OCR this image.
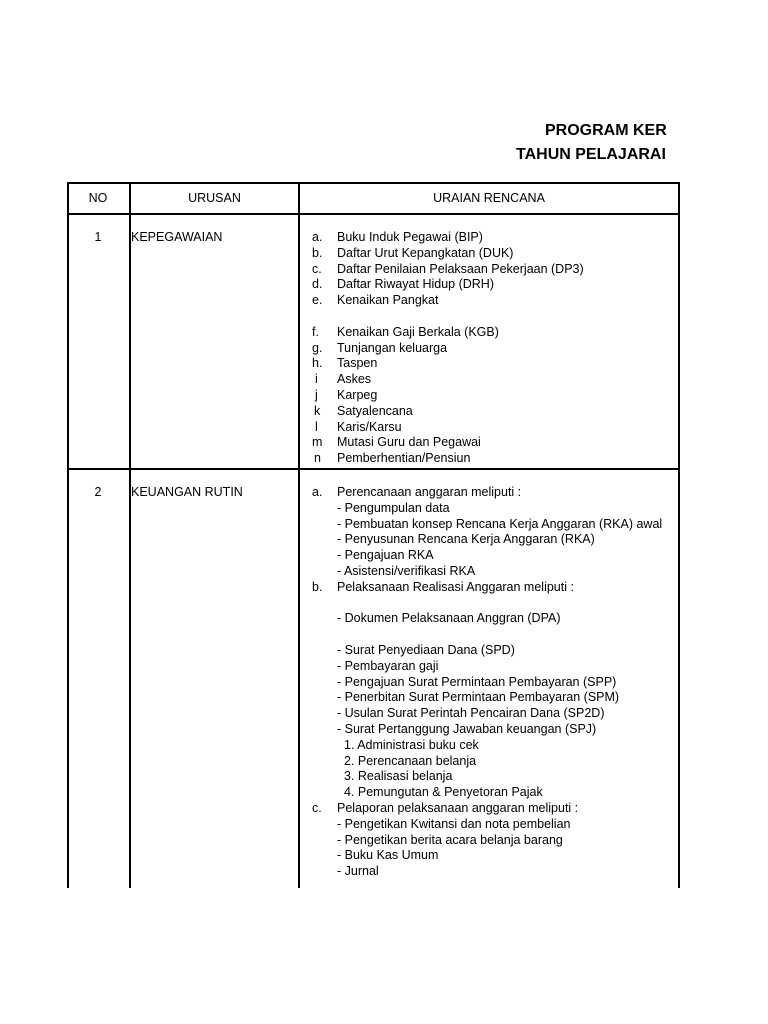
PROGRAM KER
TAHUN PELAJARAI
NO	URUSAN	URAIAN RENCANA
1	KEPEGAWAIAN	a.	Buku Induk Pegawai (BIP)
b.	Daftar Urut Kepangkatan (DUK)
c.	Daftar Penilaian Pelaksaan Pekerjaan (DP3)
d.	Daftar Riwayat Hidup (DRH)
e.	Kenaikan Pangkat
f.	Kenaikan Gaji Berkala (KGB)
g.	Tunjangan keluarga
h.	Taspen
i	Askes
j	Karpeg
k	Satyalencana
l	Karis/Karsu
m	Mutasi Guru dan Pegawai
n	Pemberhentian/Pensiun
2	KEUANGAN RUTIN	a.	Perencanaan anggaran meliputi :
- Pengumpulan data
- Pembuatan konsep Rencana Kerja Anggaran (RKA) awal
- Penyusunan Rencana Kerja Anggaran (RKA)
- Pengajuan RKA
- Asistensi/verifikasi RKA
b.	Pelaksanaan Realisasi Anggaran meliputi :
- Dokumen Pelaksanaan Anggran (DPA)
- Surat Penyediaan Dana (SPD)
- Pembayaran gaji
- Pengajuan Surat Permintaan Pembayaran (SPP)
- Penerbitan Surat Permintaan Pembayaran (SPM)
- Usulan Surat Perintah Pencairan Dana (SP2D)
- Surat Pertanggung Jawaban keuangan (SPJ)
1. Administrasi buku cek
2. Perencanaan belanja
3. Realisasi belanja
4. Pemungutan & Penyetoran Pajak
c.	Pelaporan pelaksanaan anggaran meliputi :
- Pengetikan Kwitansi dan nota pembelian
- Pengetikan berita acara belanja barang
- Buku Kas Umum
- Jurnal
